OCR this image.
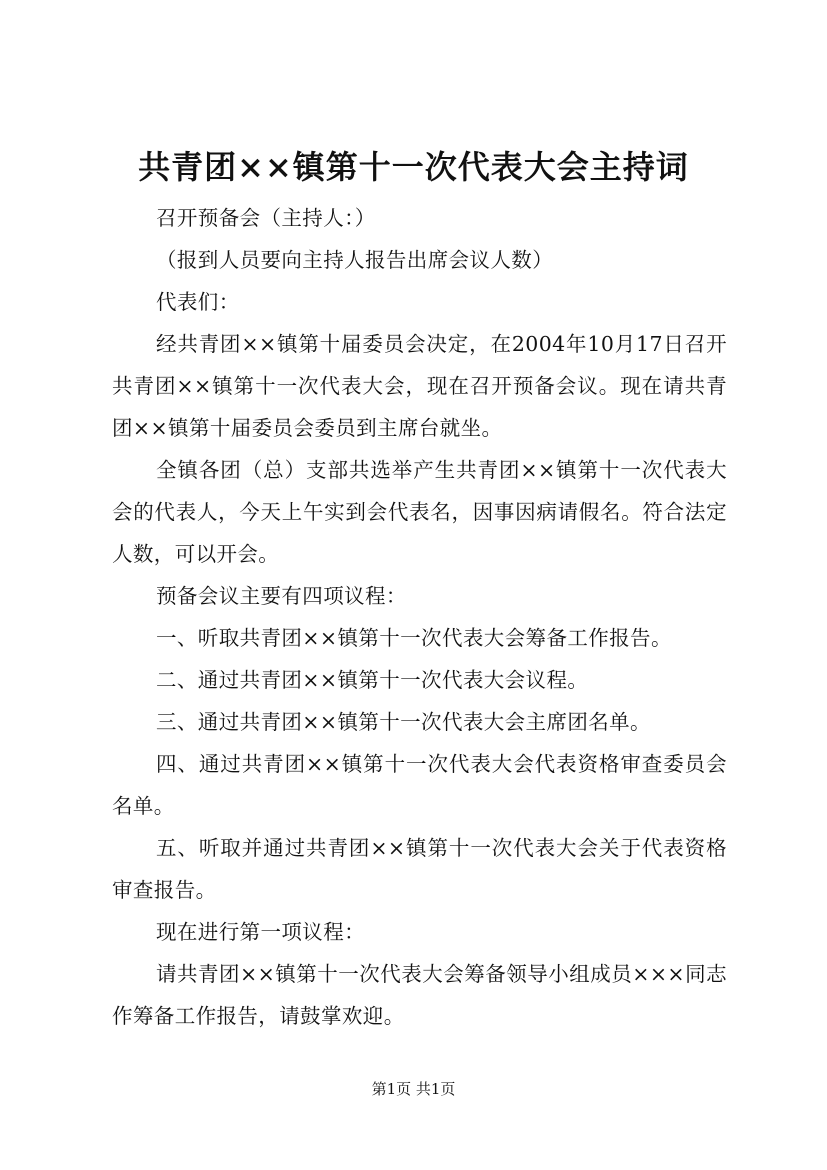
共青团××镇第十一次代表大会主持词

召开预备会（主持人：）

（报到人员要向主持人报告出席会议人数）

代表们：

经共青团××镇第十届委员会决定，在2004年10月17日召开共青团××镇第十一次代表大会，现在召开预备会议。现在请共青团××镇第十届委员会委员到主席台就坐。

全镇各团（总）支部共选举产生共青团××镇第十一次代表大会的代表人，今天上午实到会代表名，因事因病请假名。符合法定人数，可以开会。

预备会议主要有四项议程：

一、听取共青团××镇第十一次代表大会筹备工作报告。

二、通过共青团××镇第十一次代表大会议程。

三、通过共青团××镇第十一次代表大会主席团名单。

四、通过共青团××镇第十一次代表大会代表资格审查委员会名单。

五、听取并通过共青团××镇第十一次代表大会关于代表资格审查报告。

现在进行第一项议程：

请共青团××镇第十一次代表大会筹备领导小组成员×××同志作筹备工作报告，请鼓掌欢迎。

第1页 共1页
